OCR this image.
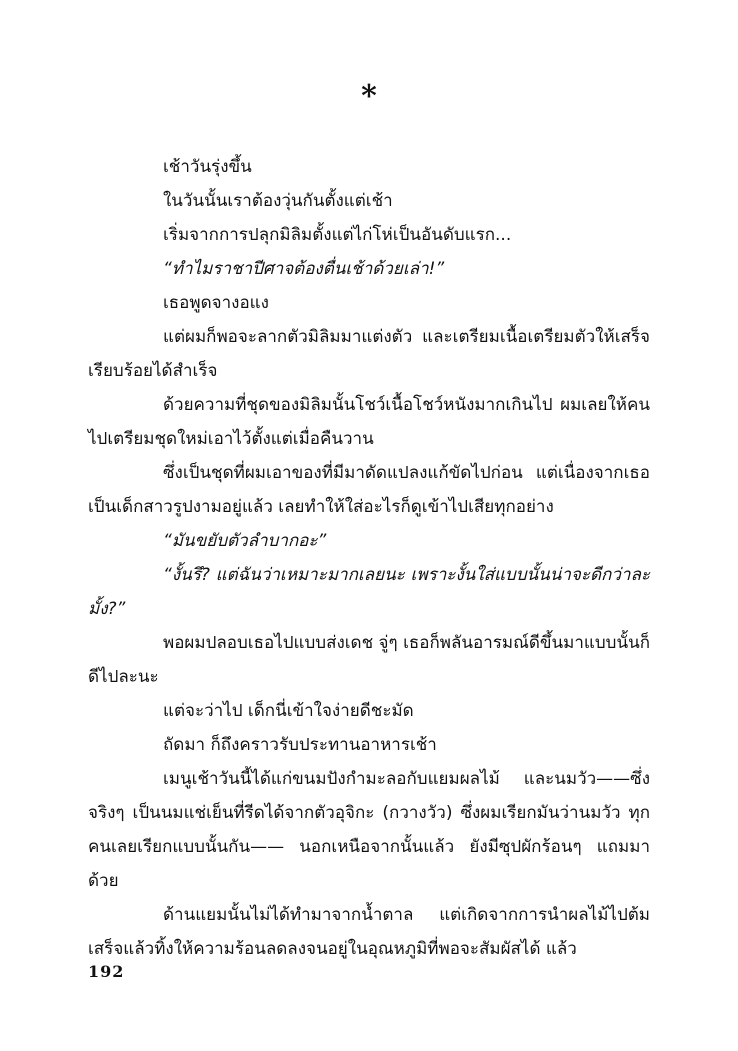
*

เช้าวันรุ่งขึ้น

ในวันนั้นเราต้องวุ่นกันตั้งแต่เช้า

เริ่มจากการปลุกมิลิมตั้งแต่ไก่โห่เป็นอันดับแรก...

“ทำไมราชาปีศาจต้องตื่นเช้าด้วยเล่า!”

เธอพูดจางอแง

แต่ผมก็พอจะลากตัวมิลิมมาแต่งตัว และเตรียมเนื้อเตรียมตัวให้เสร็จเรียบร้อยได้สำเร็จ

ด้วยความที่ชุดของมิลิมนั้นโชว์เนื้อโชว์หนังมากเกินไป ผมเลยให้คนไปเตรียมชุดใหม่เอาไว้ตั้งแต่เมื่อคืนวาน

ซึ่งเป็นชุดที่ผมเอาของที่มีมาดัดแปลงแก้ขัดไปก่อน แต่เนื่องจากเธอเป็นเด็กสาวรูปงามอยู่แล้ว เลยทำให้ใส่อะไรก็ดูเข้าไปเสียทุกอย่าง

“มันขยับตัวลำบากอะ”

“งั้นรึ? แต่ฉันว่าเหมาะมากเลยนะ เพราะงั้นใส่แบบนั้นน่าจะดีกว่าละมั้ง?”

พอผมปลอบเธอไปแบบส่งเดช จู่ๆ เธอก็พลันอารมณ์ดีขึ้นมาแบบนั้นก็ดีไปละนะ

แต่จะว่าไป เด็กนี่เข้าใจง่ายดีชะมัด

ถัดมา ก็ถึงคราวรับประทานอาหารเช้า

เมนูเช้าวันนี้ได้แก่ขนมปังกำมะลอกับแยมผลไม้ และนมวัว——ซึ่งจริงๆ เป็นนมแช่เย็นที่รีดได้จากตัวอุจิกะ (กวางวัว) ซึ่งผมเรียกมันว่านมวัว ทุกคนเลยเรียกแบบนั้นกัน—— นอกเหนือจากนั้นแล้ว ยังมีซุปผักร้อนๆ แถมมาด้วย

ด้านแยมนั้นไม่ได้ทำมาจากน้ำตาล แต่เกิดจากการนำผลไม้ไปต้ม เสร็จแล้วทิ้งให้ความร้อนลดลงจนอยู่ในอุณหภูมิที่พอจะสัมผัสได้ แล้ว

192
